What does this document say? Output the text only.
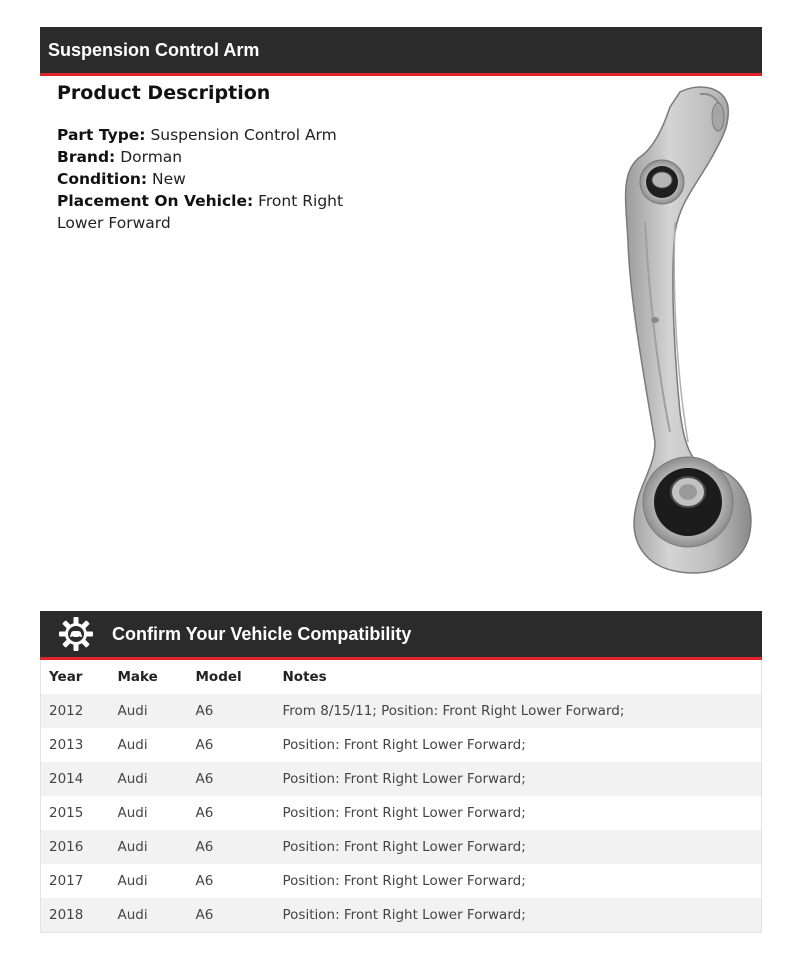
Suspension Control Arm
Product Description
Part Type: Suspension Control Arm
Brand: Dorman
Condition: New
Placement On Vehicle: Front Right Lower Forward
Confirm Your Vehicle Compatibility
Year	Make	Model	Notes
2012	Audi	A6	From 8/15/11; Position: Front Right Lower Forward;
2013	Audi	A6	Position: Front Right Lower Forward;
2014	Audi	A6	Position: Front Right Lower Forward;
2015	Audi	A6	Position: Front Right Lower Forward;
2016	Audi	A6	Position: Front Right Lower Forward;
2017	Audi	A6	Position: Front Right Lower Forward;
2018	Audi	A6	Position: Front Right Lower Forward;
